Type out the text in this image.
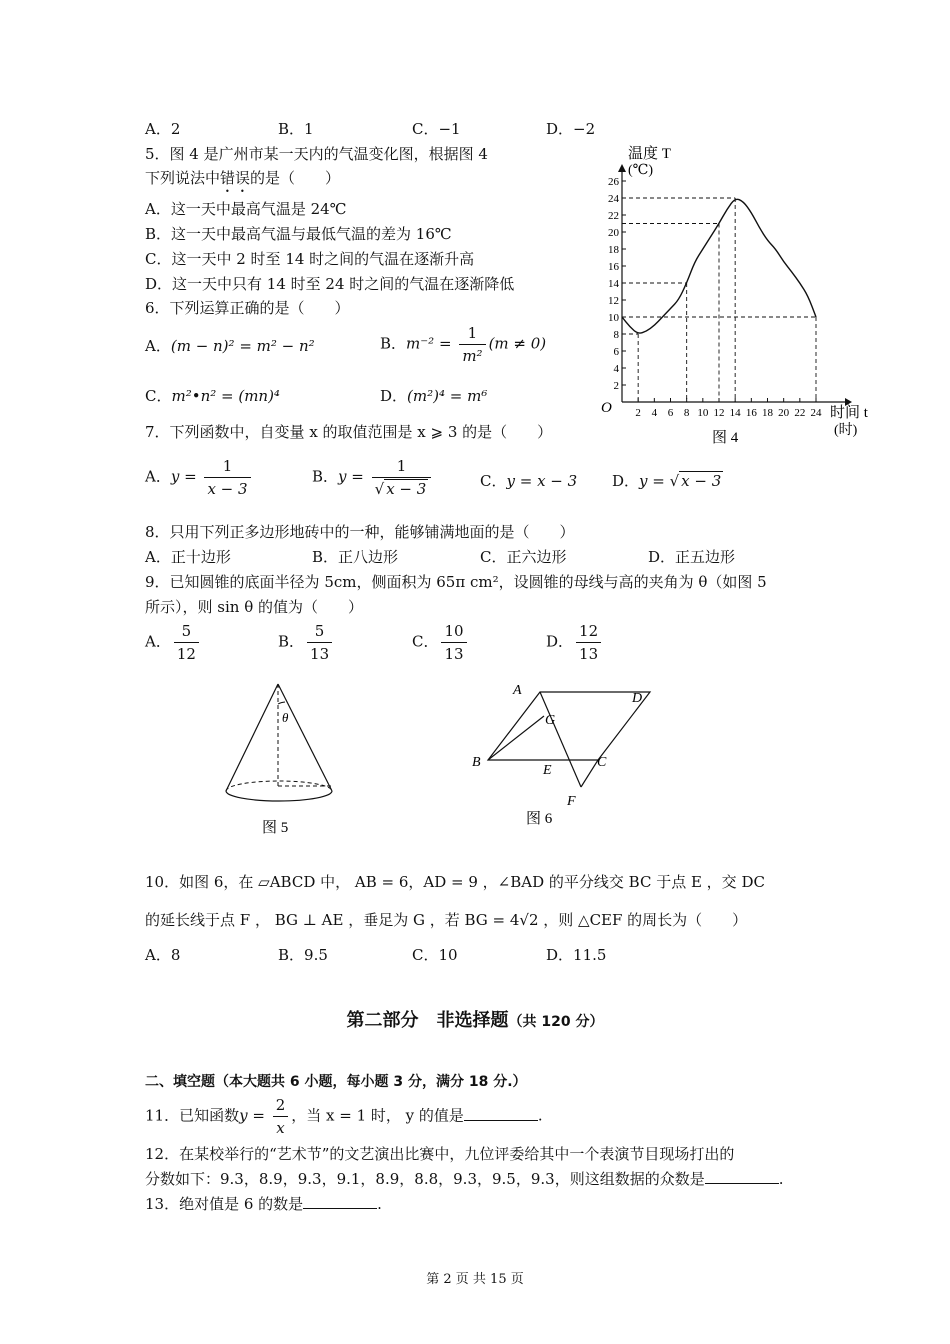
A．2	B．1	C．−1	D．−2
5．图 4 是广州市某一天内的气温变化图，根据图 4
下列说法中错误的是（　　）
A．这一天中最高气温是 24℃
B．这一天中最高气温与最低气温的差为 16℃
C．这一天中 2 时至 14 时之间的气温在逐渐升高
D．这一天中只有 14 时至 24 时之间的气温在逐渐降低
温度 T
(℃)
O	时间 t
(时)
图 4
2 4 6 8 10 12 14 16 18 20 22 24
2
4
6
8
10
12
14
16
18
20
22
24
26
6．下列运算正确的是（　　）
A．(m − n)² = m² − n²	B．$m^{-2} = \frac{1}{\text{m²}} (m \ne 0)$
C．m²•n² = (mn)⁴	D．(m²)⁴ = m⁶
7．下列函数中，自变量 x 的取值范围是 x ⩾ 3 的是（　　）
A．$y = \frac{1}{x - 3}$	B．$y = \frac{1}{√ x - 3}$	C．y = x − 3 D．y = √ x − 3
8．只用下列正多边形地砖中的一种，能够铺满地面的是（　　）
A．正十边形	B．正八边形	C．正六边形	D．正五边形
9．已知圆锥的底面半径为 5cm，侧面积为 65π cm²，设圆锥的母线与高的夹角为 θ（如图 5
所示），则 sin θ 的值为（　　）
A． $\frac{5}{12}$	B． $\frac{5}{13}$	C． $\frac{10}{13}$	D． $\frac{12}{13}$
θ
图 5
A
D
G
B
E
C
F
图 6
10．如图 6，在 ▱ABCD 中， AB = 6，AD = 9 ，∠BAD 的平分线交 BC 于点 E ，交 DC
的延长线于点 F ， BG ⊥ AE ，垂足为 G ，若 BG = 4√2 ，则 △CEF 的周长为（　　）
A．8	B．9.5	C．10	D．11.5
第二部分　非选择题（共 120 分）
二、填空题（本大题共 6 小题，每小题 3 分，满分 18 分.）
11．已知函数$y = \frac{2}{x}$ ，当 x = 1 时， y 的值是	.
12．在某校举行的“艺术节”的文艺演出比赛中，九位评委给其中一个表演节目现场打出的
分数如下：9.3，8.9，9.3，9.1，8.9，8.8，9.3，9.5，9.3，则这组数据的众数是	.
13．绝对值是 6 的数是	.
第 2 页 共 15 页
